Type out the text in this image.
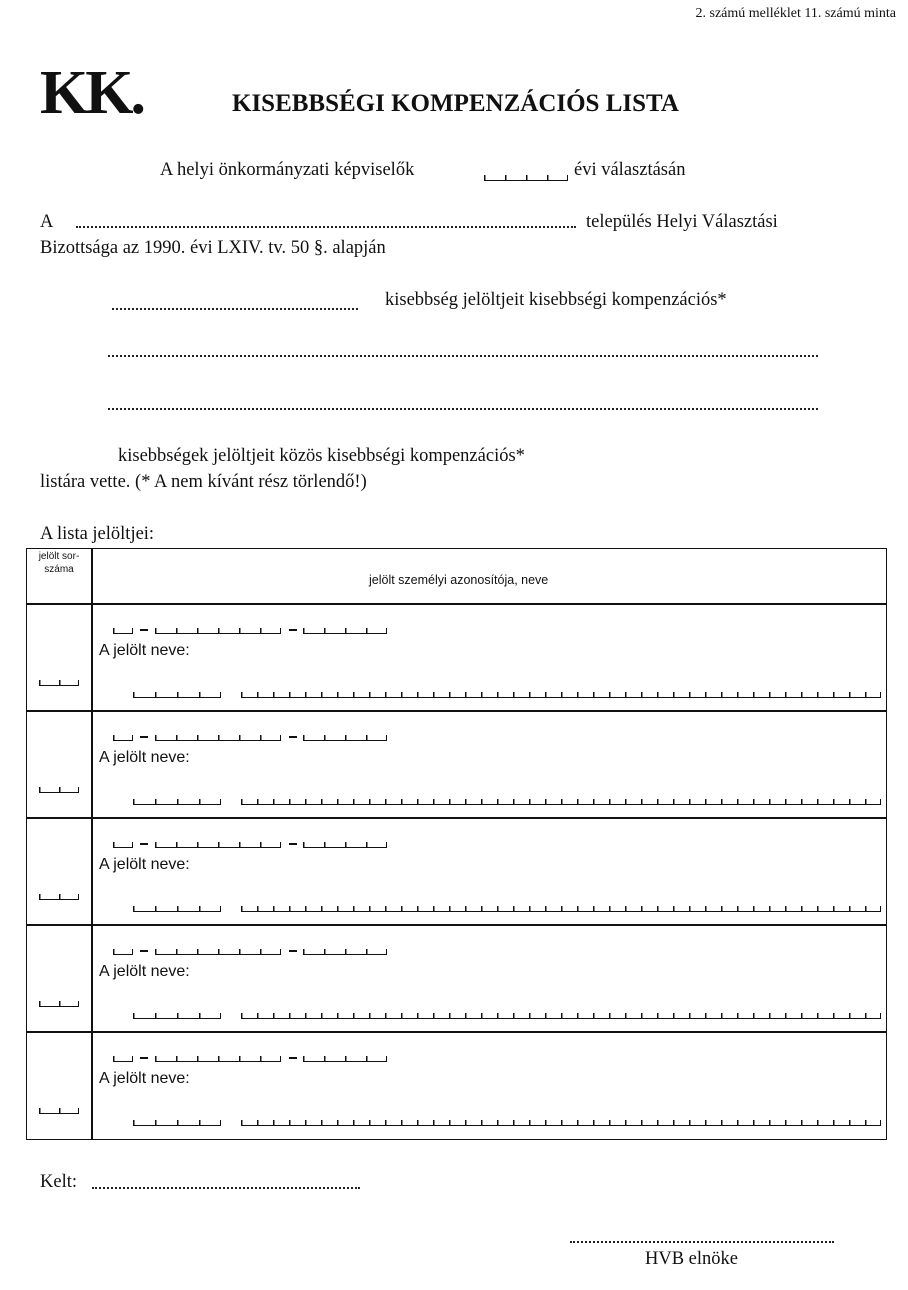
2. számú melléklet 11. számú minta
KK.	KISEBBSÉGI KOMPENZÁCIÓS LISTA
A helyi önkormányzati képviselők	évi választásán
A	település Helyi Választási
Bizottsága az 1990. évi LXIV. tv. 50 §. alapján
kisebbség jelöltjeit kisebbségi kompenzációs*
kisebbségek jelöltjeit közös kisebbségi kompenzációs*
listára vette. (* A nem kívánt rész törlendő!)
A lista jelöltjei:
jelölt sor-száma
jelölt személyi azonosítója, neve
A jelölt neve:
A jelölt neve:
A jelölt neve:
A jelölt neve:
A jelölt neve:
Kelt:
HVB elnöke
